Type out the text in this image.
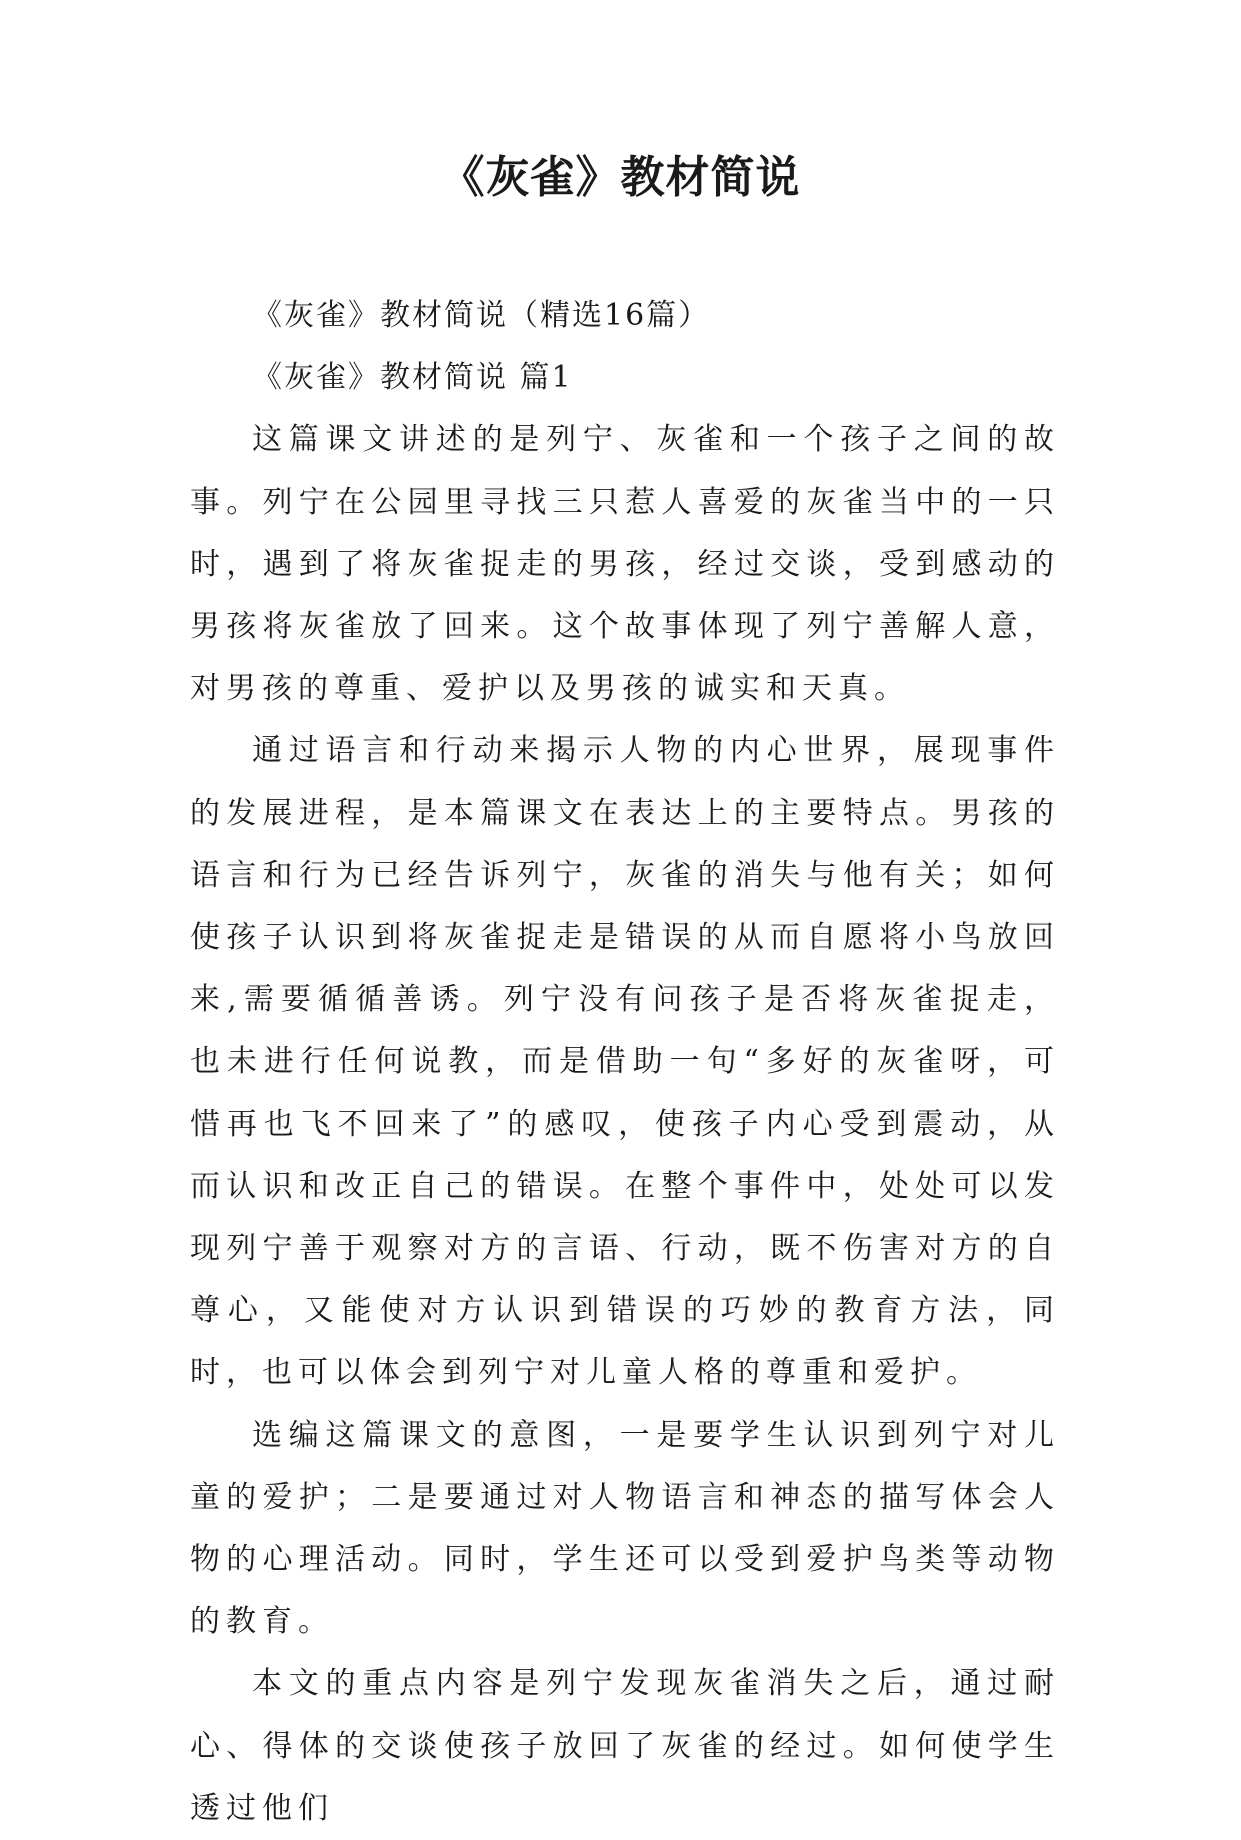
《灰雀》教材简说

《灰雀》教材简说（精选16篇）

《灰雀》教材简说 篇1

这篇课文讲述的是列宁、灰雀和一个孩子之间的故事。列宁在公园里寻找三只惹人喜爱的灰雀当中的一只时，遇到了将灰雀捉走的男孩，经过交谈，受到感动的男孩将灰雀放了回来。这个故事体现了列宁善解人意，对男孩的尊重、爱护以及男孩的诚实和天真。

通过语言和行动来揭示人物的内心世界，展现事件的发展进程，是本篇课文在表达上的主要特点。男孩的语言和行为已经告诉列宁，灰雀的消失与他有关；如何使孩子认识到将灰雀捉走是错误的从而自愿将小鸟放回来,需要循循善诱。列宁没有问孩子是否将灰雀捉走，也未进行任何说教，而是借助一句“多好的灰雀呀，可惜再也飞不回来了”的感叹，使孩子内心受到震动，从而认识和改正自己的错误。在整个事件中，处处可以发现列宁善于观察对方的言语、行动，既不伤害对方的自尊心，又能使对方认识到错误的巧妙的教育方法，同时，也可以体会到列宁对儿童人格的尊重和爱护。

选编这篇课文的意图，一是要学生认识到列宁对儿童的爱护；二是要通过对人物语言和神态的描写体会人物的心理活动。同时，学生还可以受到爱护鸟类等动物的教育。

本文的重点内容是列宁发现灰雀消失之后，通过耐心、得体的交谈使孩子放回了灰雀的经过。如何使学生透过他们
